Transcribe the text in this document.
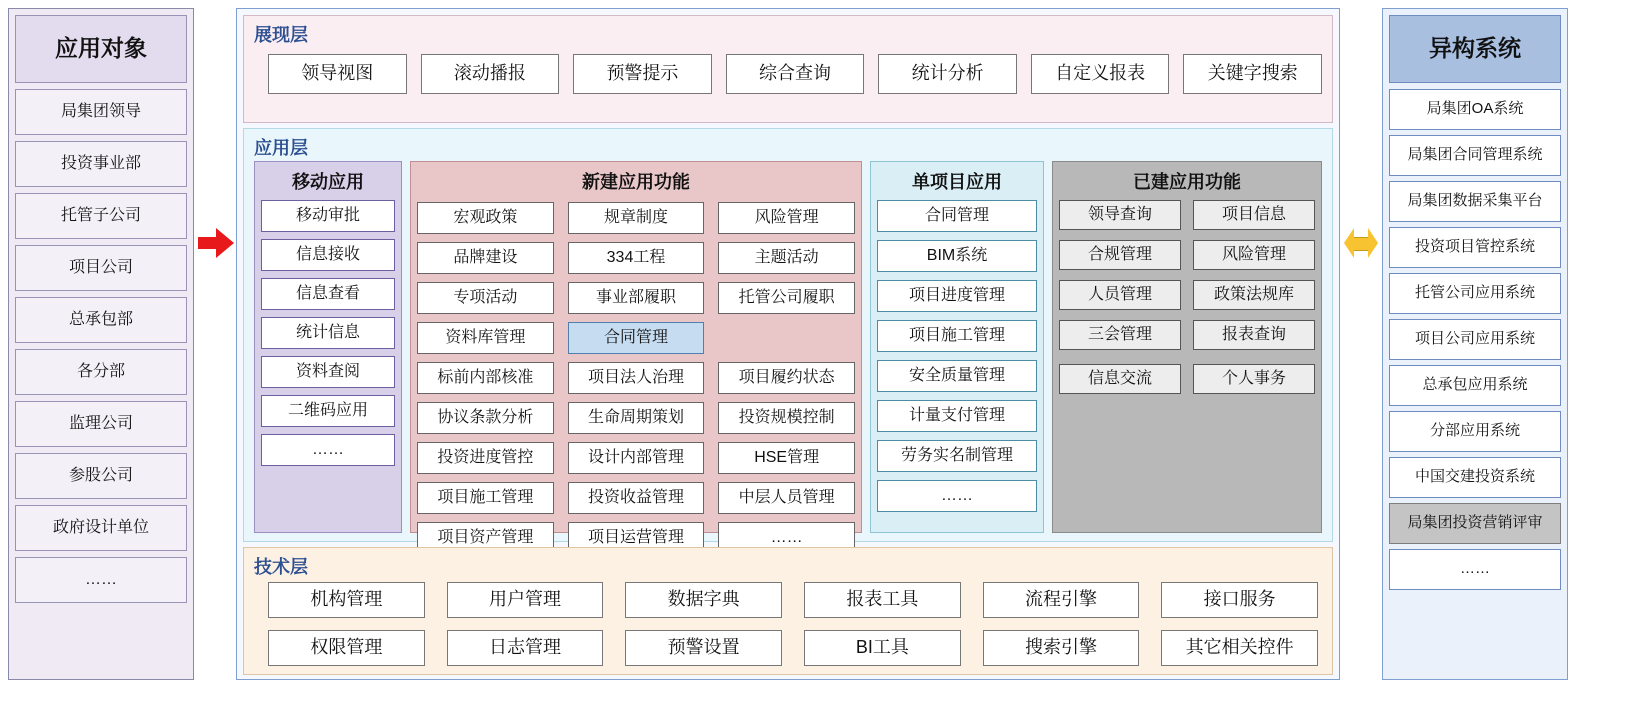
应用对象
局集团领导
投资事业部
托管子公司
项目公司
总承包部
各分部
监理公司
参股公司
政府设计单位
……
展现层
领导视图	滚动播报	预警提示	综合查询	统计分析	自定义报表	关键字搜索
应用层
移动应用
移动审批
信息接收
信息查看
统计信息
资料查阅
二维码应用
……
新建应用功能
宏观政策	规章制度	风险管理
品牌建设	334工程	主题活动
专项活动	事业部履职	托管公司履职
资料库管理	合同管理
标前内部核准	项目法人治理	项目履约状态
协议条款分析	生命周期策划	投资规模控制
投资进度管控	设计内部管理	HSE管理
项目施工管理	投资收益管理	中层人员管理
项目资产管理	项目运营管理	……
单项目应用
合同管理
BIM系统
项目进度管理
项目施工管理
安全质量管理
计量支付管理
劳务实名制管理
……
已建应用功能
领导查询	项目信息
合规管理	风险管理
人员管理	政策法规库
三会管理	报表查询
信息交流	个人事务
技术层
机构管理	用户管理	数据字典	报表工具	流程引擎	接口服务
权限管理	日志管理	预警设置	BI工具	搜索引擎	其它相关控件
异构系统
局集团OA系统
局集团合同管理系统
局集团数据采集平台
投资项目管控系统
托管公司应用系统
项目公司应用系统
总承包应用系统
分部应用系统
中国交建投资系统
局集团投资营销评审
……
